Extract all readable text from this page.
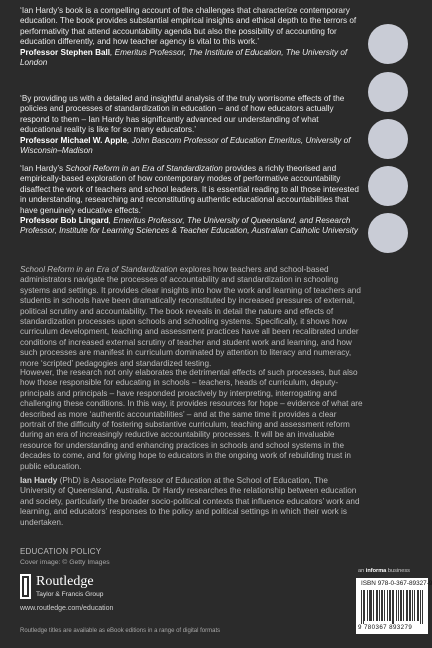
‘Ian Hardy’s book is a compelling account of the challenges that characterize contemporary education. The book provides substantial empirical insights and ethical depth to the terrors of performativity that attend accountability agenda but also the possibility of accounting for education differently, and how teacher agency is vital to this work.’

Professor Stephen Ball, Emeritus Professor, The Institute of Education, The University of London

‘By providing us with a detailed and insightful analysis of the truly worrisome effects of the policies and processes of standardization in education – and of how educators actually respond to them – Ian Hardy has significantly advanced our understanding of what educational reality is like for so many educators.’

Professor Michael W. Apple, John Bascom Professor of Education Emeritus, University of Wisconsin–Madison

‘Ian Hardy’s School Reform in an Era of Standardization provides a richly theorised and empirically-based exploration of how contemporary modes of performative accountability disaffect the work of teachers and school leaders. It is essential reading to all those interested in understanding, researching and reconstituting authentic educational accountabilities that have genuinely educative effects.’

Professor Bob Lingard, Emeritus Professor, The University of Queensland, and Research Professor, Institute for Learning Sciences & Teacher Education, Australian Catholic University

School Reform in an Era of Standardization explores how teachers and school-based administrators navigate the processes of accountability and standardization in schooling systems and settings. It provides clear insights into how the work and learning of teachers and students in schools have been dramatically reconstituted by increased pressures of external, political scrutiny and accountability. The book reveals in detail the nature and effects of standardization processes upon schools and schooling systems. Specifically, it shows how curriculum development, teaching and assessment practices have all been recalibrated under conditions of increased external scrutiny of teacher and student work and learning, and how such processes are manifest in curriculum dominated by attention to literacy and numeracy, more ‘scripted’ pedagogies and standardized testing.

However, the research not only elaborates the detrimental effects of such processes, but also how those responsible for educating in schools – teachers, heads of curriculum, deputy-principals and principals – have responded proactively by interpreting, interrogating and challenging these conditions. In this way, it provides resources for hope – evidence of what are described as more ‘authentic accountabilities’ – and at the same time it provides a clear portrait of the difficulty of fostering substantive curriculum, teaching and assessment reform during an era of increasingly reductive accountability processes. It will be an invaluable resource for understanding and enhancing practices in schools and school systems in the decades to come, and for giving hope to educators in the ongoing work of rebuilding trust in public education.

Ian Hardy (PhD) is Associate Professor of Education at the School of Education, The University of Queensland, Australia. Dr Hardy researches the relationship between education and society, particularly the broader socio-political contexts that influence educators’ work and learning, and educators’ responses to the policy and political settings in which their work is undertaken.

EDUCATION POLICY
Cover image: © Getty Images
Routledge
Taylor & Francis Group
www.routledge.com/education
Routledge titles are available as eBook editions in a range of digital formats
an informa business
ISBN 978-0-367-89327-9
9 780367 893279
